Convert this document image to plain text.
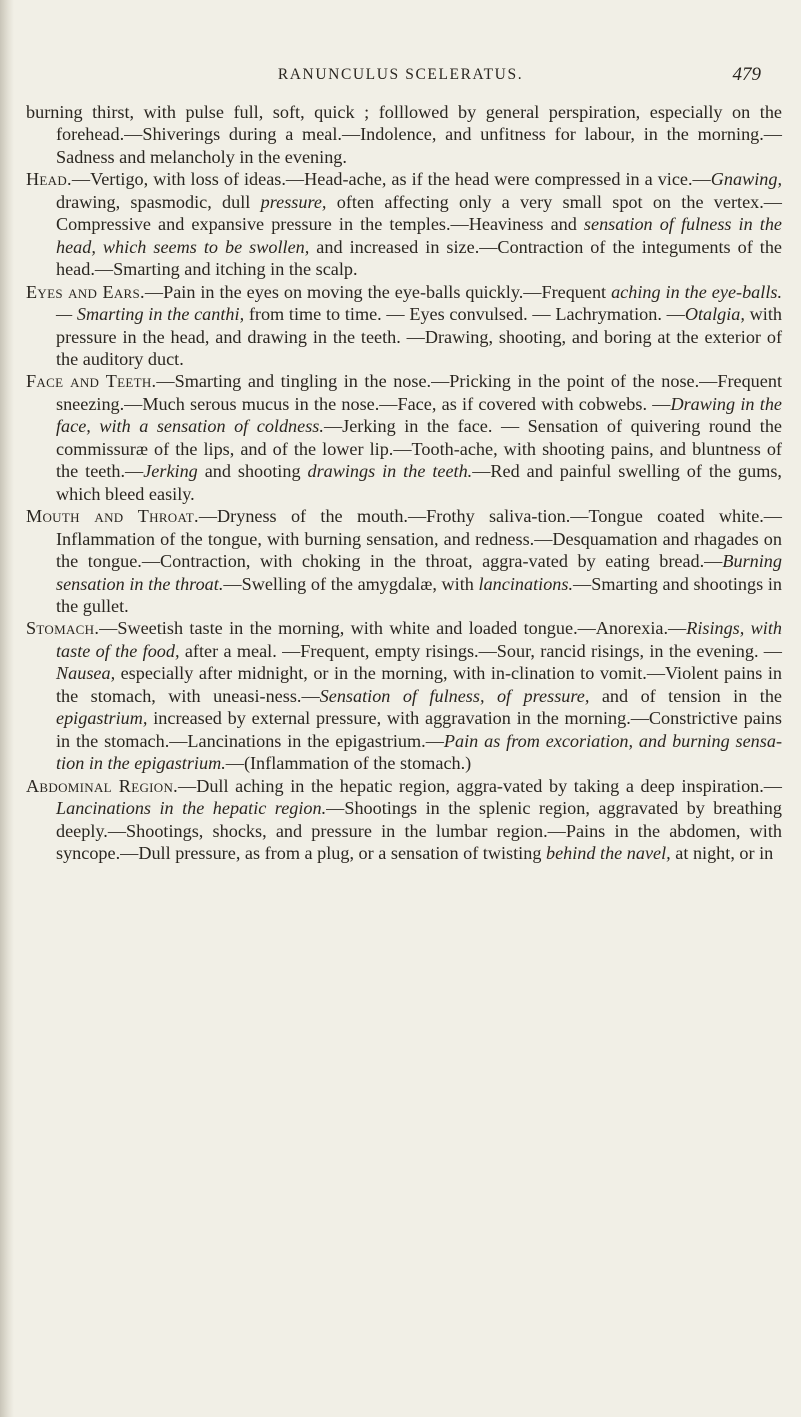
RANUNCULUS SCELERATUS.	479
burning thirst, with pulse full, soft, quick ; folllowed by general perspiration, especially on the forehead.—Shiverings during a meal.—Indolence, and unfitness for labour, in the morning.—Sadness and melancholy in the evening.
Head.—Vertigo, with loss of ideas.—Head-ache, as if the head were compressed in a vice.—Gnawing, drawing, spasmodic, dull pressure, often affecting only a very small spot on the vertex.—Compressive and expansive pressure in the temples.—Heaviness and sensation of fulness in the head, which seems to be swollen, and increased in size.—Contraction of the integuments of the head.—Smarting and itching in the scalp.
Eyes and Ears.—Pain in the eyes on moving the eye-balls quickly.—Frequent aching in the eye-balls. — Smarting in the canthi, from time to time. — Eyes convulsed. — Lachrymation. —Otalgia, with pressure in the head, and drawing in the teeth. —Drawing, shooting, and boring at the exterior of the auditory duct.
Face and Teeth.—Smarting and tingling in the nose.—Pricking in the point of the nose.—Frequent sneezing.—Much serous mucus in the nose.—Face, as if covered with cobwebs. —Drawing in the face, with a sensation of coldness.—Jerking in the face. — Sensation of quivering round the commissuræ of the lips, and of the lower lip.—Tooth-ache, with shooting pains, and bluntness of the teeth.—Jerking and shooting drawings in the teeth.—Red and painful swelling of the gums, which bleed easily.
Mouth and Throat.—Dryness of the mouth.—Frothy saliva-tion.—Tongue coated white.—Inflammation of the tongue, with burning sensation, and redness.—Desquamation and rhagades on the tongue.—Contraction, with choking in the throat, aggra-vated by eating bread.—Burning sensation in the throat.—Swelling of the amygdalæ, with lancinations.—Smarting and shootings in the gullet.
Stomach.—Sweetish taste in the morning, with white and loaded tongue.—Anorexia.—Risings, with taste of the food, after a meal. —Frequent, empty risings.—Sour, rancid risings, in the evening. —Nausea, especially after midnight, or in the morning, with in-clination to vomit.—Violent pains in the stomach, with uneasi-ness.—Sensation of fulness, of pressure, and of tension in the epigastrium, increased by external pressure, with aggravation in the morning.—Constrictive pains in the stomach.—Lancinations in the epigastrium.—Pain as from excoriation, and burning sensa-tion in the epigastrium.—(Inflammation of the stomach.)
Abdominal Region.—Dull aching in the hepatic region, aggra-vated by taking a deep inspiration.—Lancinations in the hepatic region.—Shootings in the splenic region, aggravated by breathing deeply.—Shootings, shocks, and pressure in the lumbar region.—Pains in the abdomen, with syncope.—Dull pressure, as from a plug, or a sensation of twisting behind the navel, at night, or in
